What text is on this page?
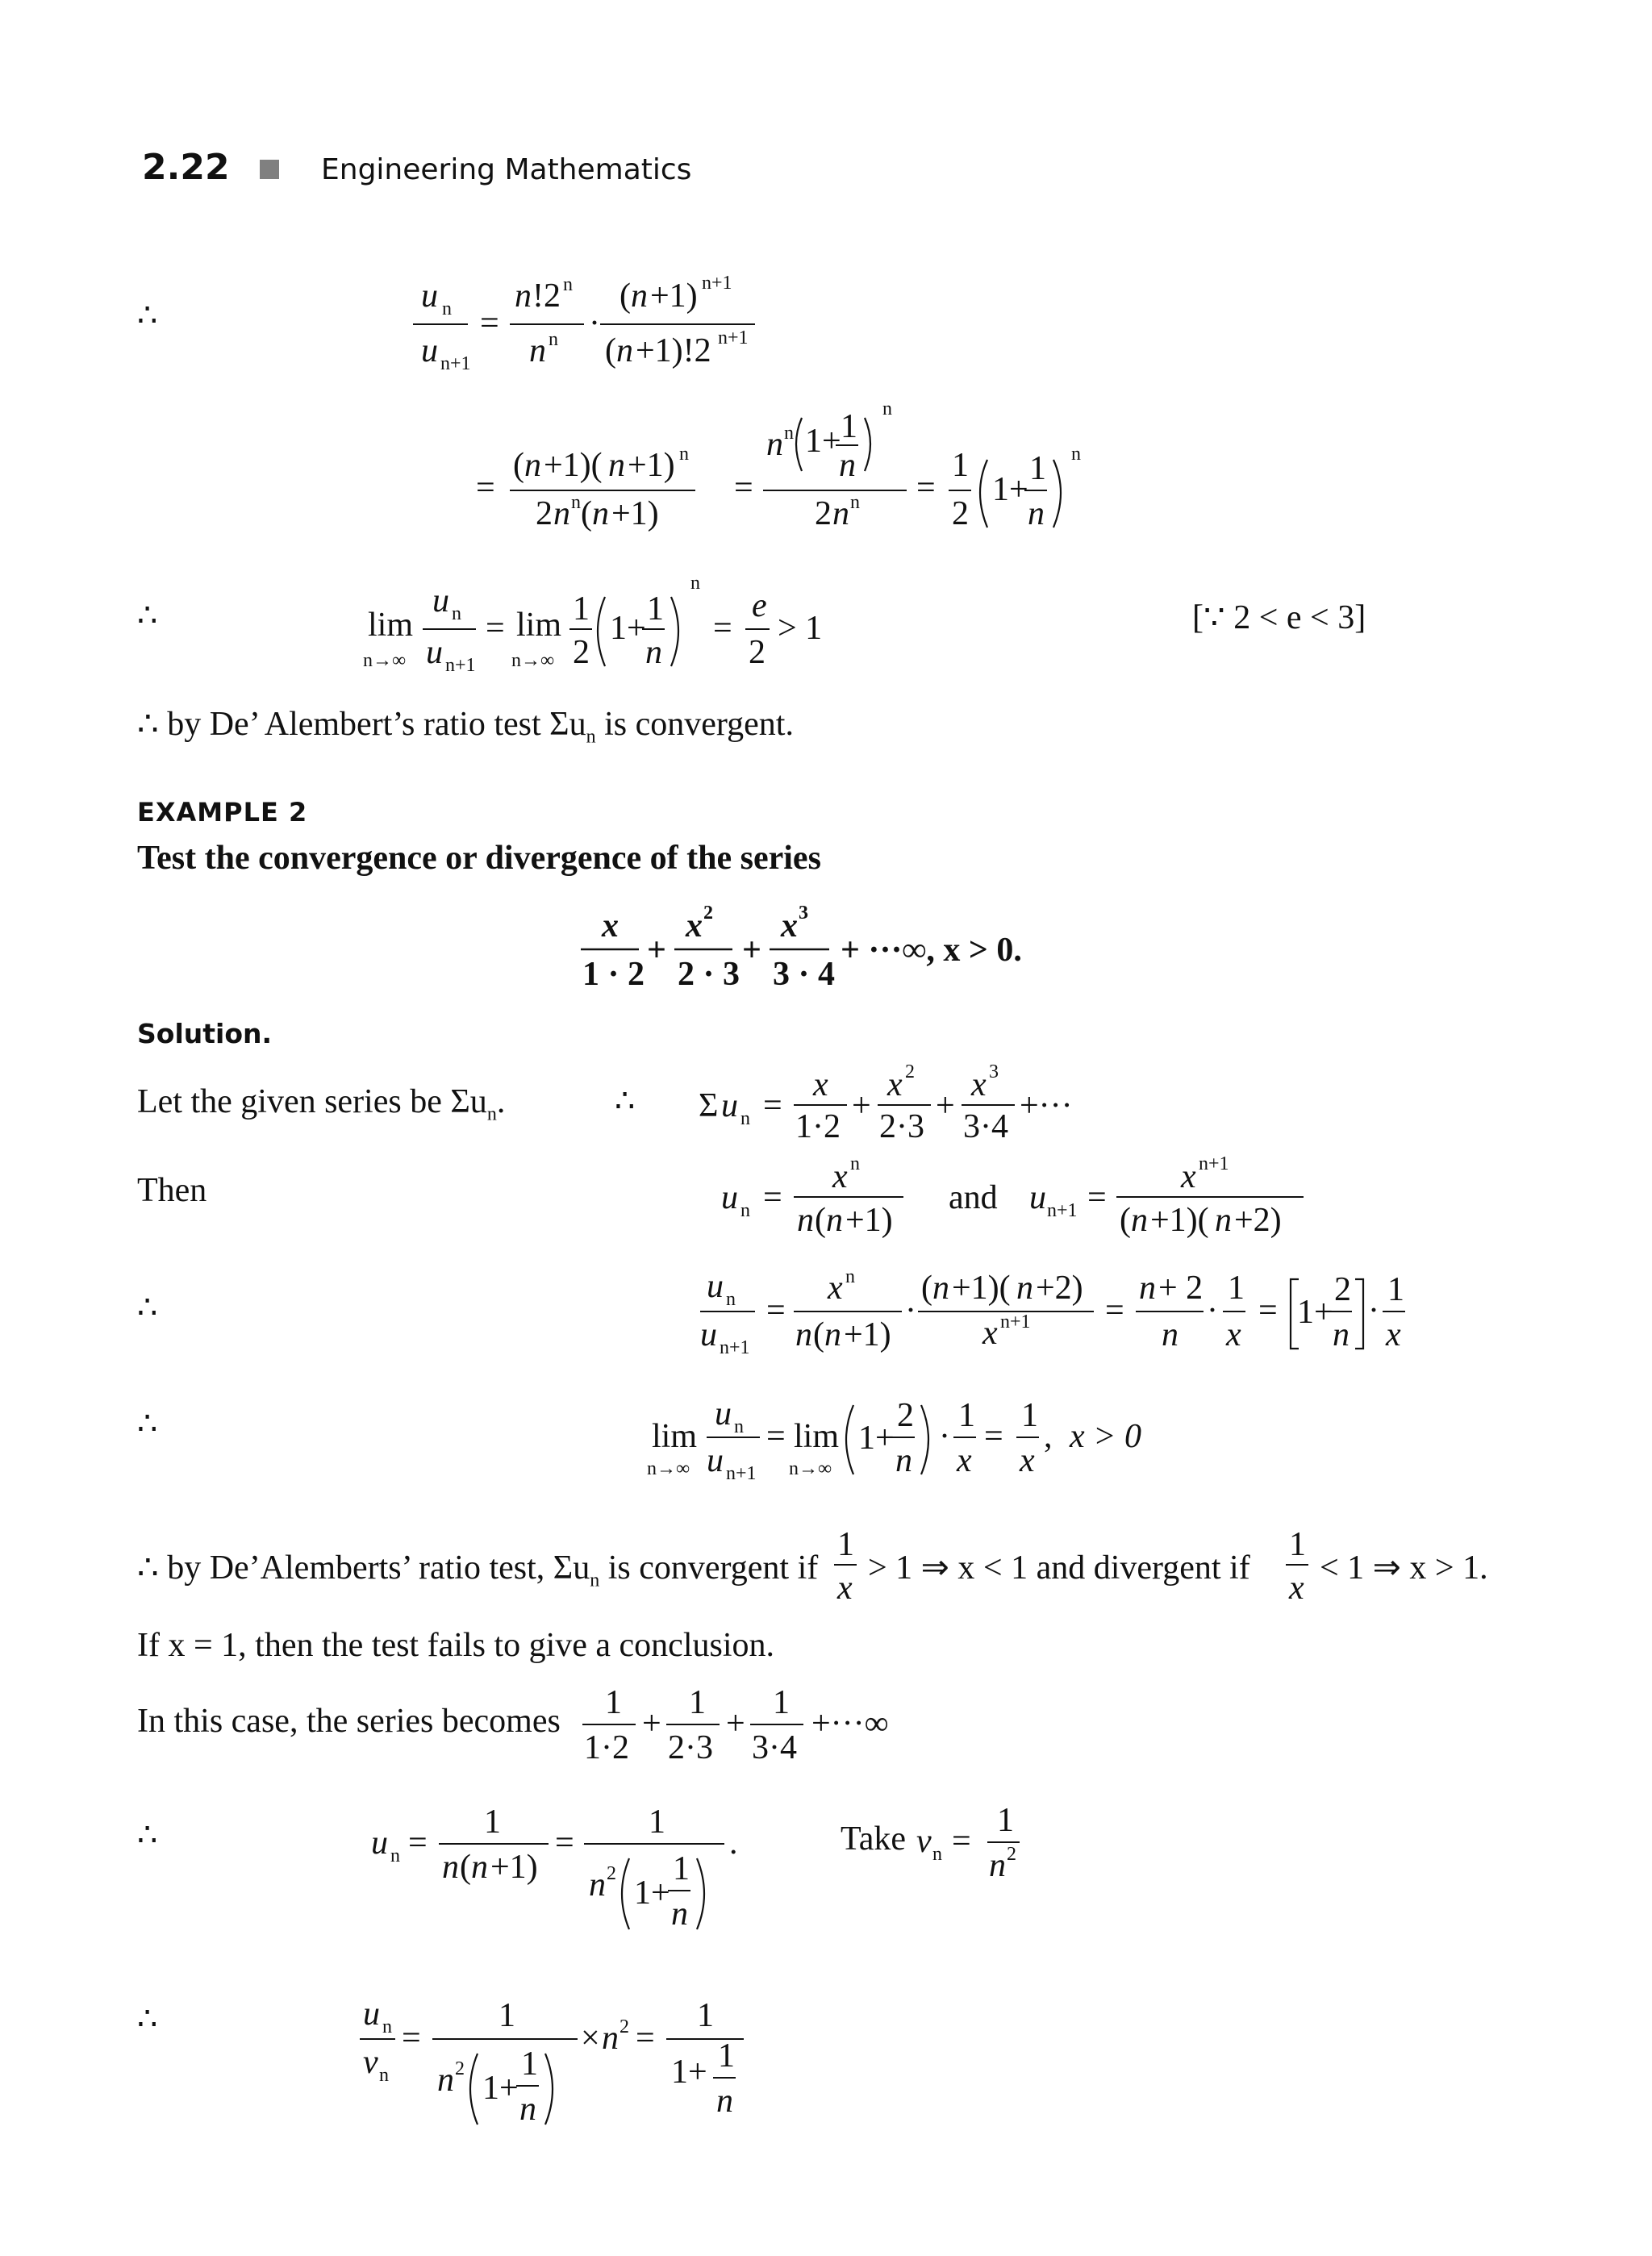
2.22	Engineering Mathematics
∴
∴
∴
∴
∴
∴
u n
u n+1
=
n !2 n
n n ·
( n +1) n+1
( n +1)!2 n+1
=
( n +1)( n +1) n
2 n n ( n +1)
=
n n 1+ 1
n
n
2 n n =
1
2
1+
1
n
n
lim
n→∞
u n
u n+1
= lim
n→∞
1
2
1+
1
n
n
=
e
2
> 1	[∵ 2 < e < 3]
∴ by De’ Alembert’s ratio test $\Sigma u_n$ is convergent.
EXAMPLE 2
Test the convergence or divergence of the series
x
1 · 2
+
x 2
2 · 3
+
x 3
3 · 4
+ ···∞, x > 0.
Solution.
Let the given series be $\Sigma u_n$.	∴ Σ u n =
x
1·2
+
x 2
2·3
+
x 3
3·4
+···
Then	u n =
x n
n ( n +1)
and u n+1 =
x n+1
( n +1)( n +2)
u n
u n+1
=
x n
n ( n +1)
·
( n +1)( n +2)
x n+1 =
n + 2
n
·
1
x
= 1+
2
n
·
1
x
lim
n→∞
u n
u n+1
= lim
n→∞
1+
2
n
·
1
x
=
1
x
, x > 0
∴ by De’Alemberts’ ratio test, $\Sigma u_n$ is convergent if
1
x
> 1 ⇒ x < 1 and divergent if
1
x
< 1 ⇒ x > 1.
If x = 1, then the test fails to give a conclusion.
In this case, the series becomes 1
1·2
+
1
2·3
+
1
3·4
+···∞
u n =
1
n ( n +1)
=
1
n 2
1+
1
n
.	Take v n =
1
n 2
u n
v n
=
1
n 2
1+
1
n
× n 2 =
1
1+ 1
n
